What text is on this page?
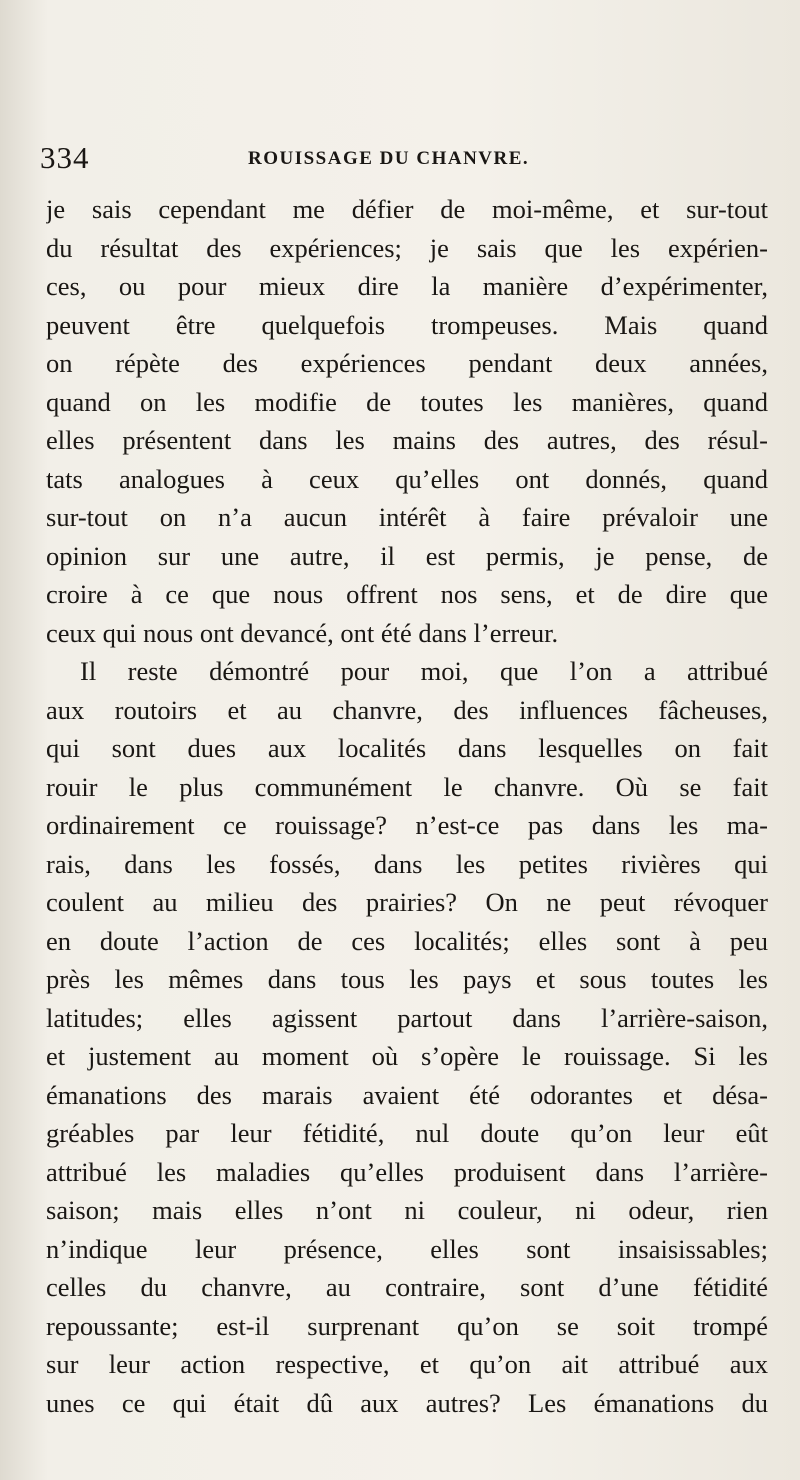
334	ROUISSAGE DU CHANVRE.
je sais cependant me défier de moi-même, et sur-tout
du résultat des expériences; je sais que les expérien-
ces, ou pour mieux dire la manière d’expérimenter,
peuvent être quelquefois trompeuses. Mais quand
on répète des expériences pendant deux années,
quand on les modifie de toutes les manières, quand
elles présentent dans les mains des autres, des résul-
tats analogues à ceux qu’elles ont donnés, quand
sur-tout on n’a aucun intérêt à faire prévaloir une
opinion sur une autre, il est permis, je pense, de
croire à ce que nous offrent nos sens, et de dire que
ceux qui nous ont devancé, ont été dans l’erreur.
Il reste démontré pour moi, que l’on a attribué
aux routoirs et au chanvre, des influences fâcheuses,
qui sont dues aux localités dans lesquelles on fait
rouir le plus communément le chanvre. Où se fait
ordinairement ce rouissage? n’est-ce pas dans les ma-
rais, dans les fossés, dans les petites rivières qui
coulent au milieu des prairies? On ne peut révoquer
en doute l’action de ces localités; elles sont à peu
près les mêmes dans tous les pays et sous toutes les
latitudes; elles agissent partout dans l’arrière-saison,
et justement au moment où s’opère le rouissage. Si les
émanations des marais avaient été odorantes et désa-
gréables par leur fétidité, nul doute qu’on leur eût
attribué les maladies qu’elles produisent dans l’arrière-
saison; mais elles n’ont ni couleur, ni odeur, rien
n’indique leur présence, elles sont insaisissables;
celles du chanvre, au contraire, sont d’une fétidité
repoussante; est-il surprenant qu’on se soit trompé
sur leur action respective, et qu’on ait attribué aux
unes ce qui était dû aux autres? Les émanations du
